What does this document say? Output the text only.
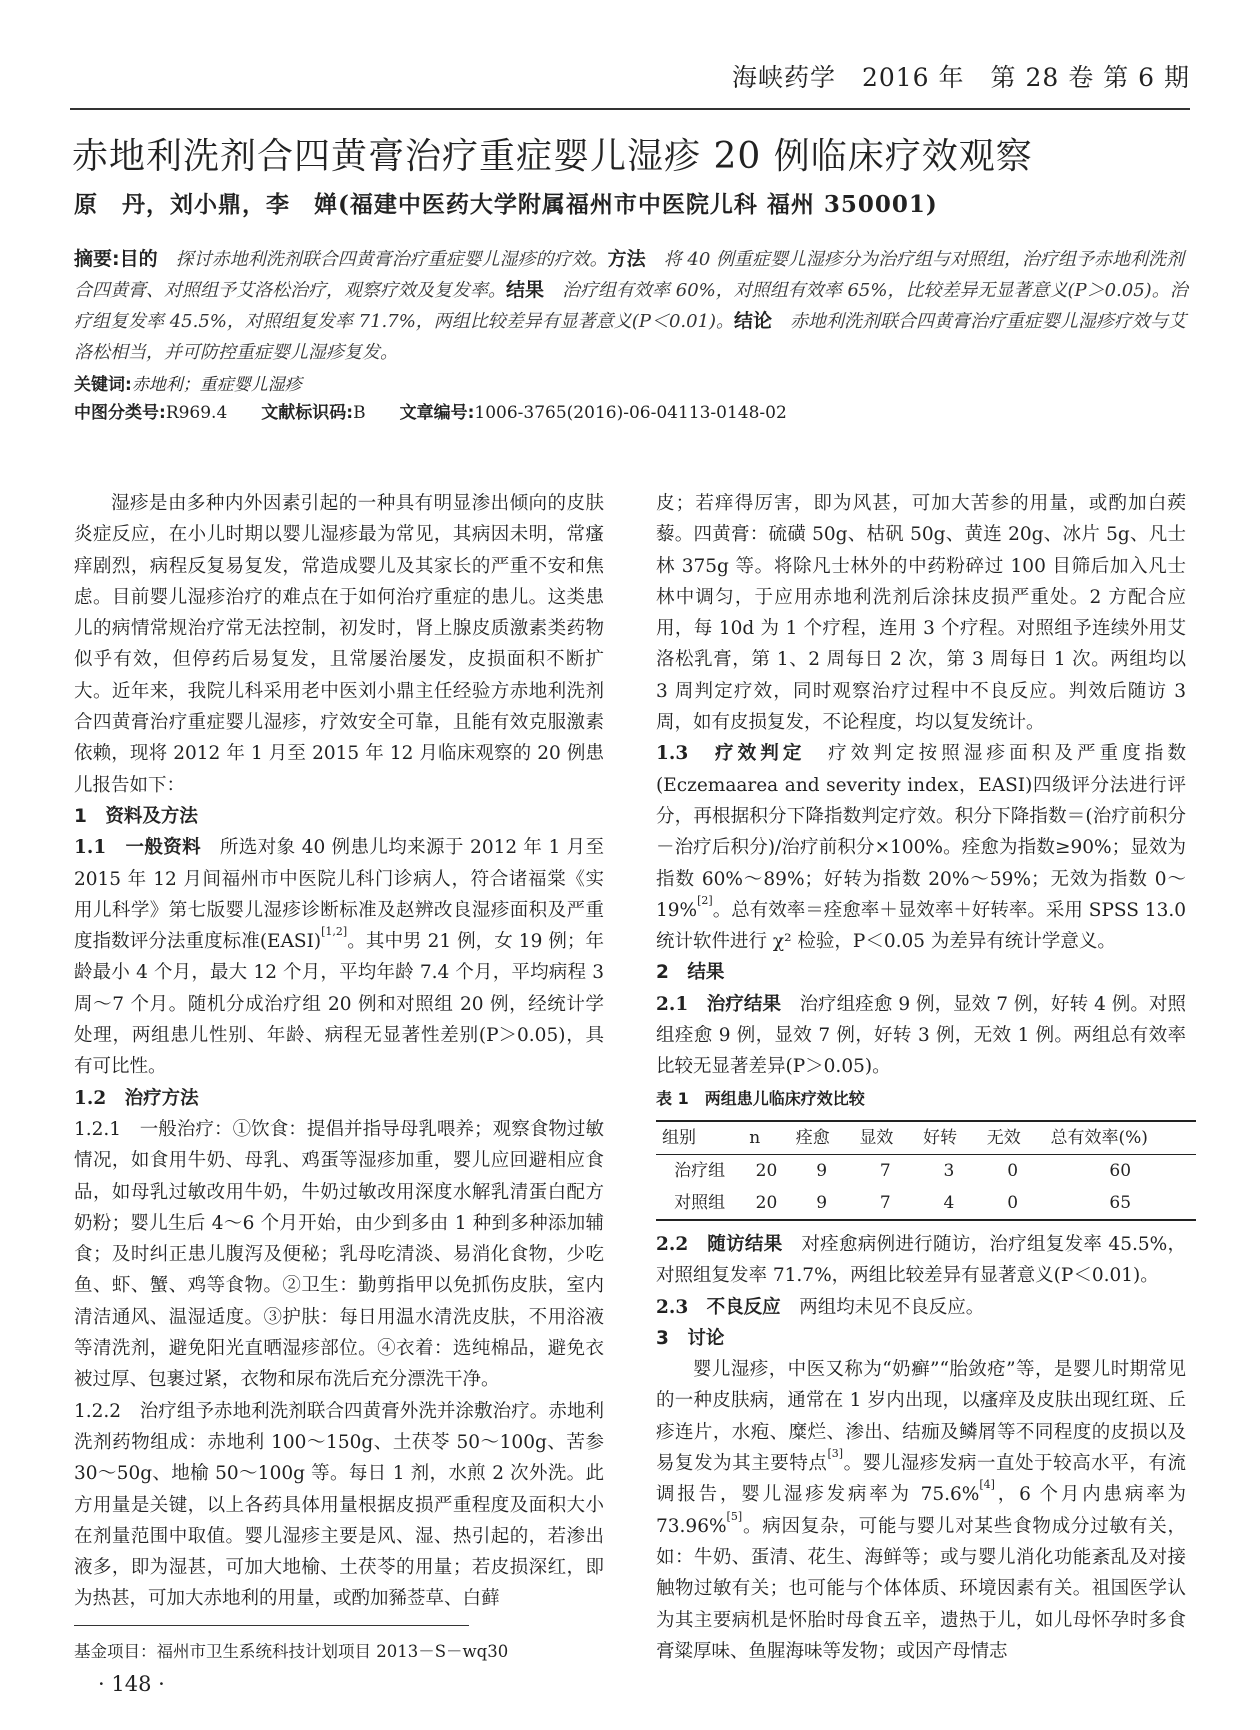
海峡药学　2016 年　第 28 卷 第 6 期
赤地利洗剂合四黄膏治疗重症婴儿湿疹 20 例临床疗效观察
原　丹，刘小鼎，李　婵(福建中医药大学附属福州市中医院儿科 福州 350001)
摘要:目的　 探讨赤地利洗剂联合四黄膏治疗重症婴儿湿疹的疗效。方法　 将 40 例重症婴儿湿疹分为治疗组与对照组，治疗组予赤地利洗剂合四黄膏、对照组予艾洛松治疗，观察疗效及复发率。结果　 治疗组有效率 60%，对照组有效率 65%，比较差异无显著意义(P＞0.05)。治疗组复发率 45.5%，对照组复发率 71.7%，两组比较差异有显著意义(P＜0.01)。结论　 赤地利洗剂联合四黄膏治疗重症婴儿湿疹疗效与艾洛松相当，并可防控重症婴儿湿疹复发。
关键词:赤地利；重症婴儿湿疹
中图分类号:R969.4　　 文献标识码:B　　 文章编号:1006-3765(2016)-06-04113-0148-02

湿疹是由多种内外因素引起的一种具有明显渗出倾向的皮肤炎症反应，在小儿时期以婴儿湿疹最为常见，其病因未明，常瘙痒剧烈，病程反复易复发，常造成婴儿及其家长的严重不安和焦虑。目前婴儿湿疹治疗的难点在于如何治疗重症的患儿。这类患儿的病情常规治疗常无法控制，初发时，肾上腺皮质激素类药物似乎有效，但停药后易复发，且常屡治屡发，皮损面积不断扩大。近年来，我院儿科采用老中医刘小鼎主任经验方赤地利洗剂合四黄膏治疗重症婴儿湿疹，疗效安全可靠，且能有效克服激素依赖，现将 2012 年 1 月至 2015 年 12 月临床观察的 20 例患儿报告如下：

1　资料及方法

1.1　一般资料　所选对象 40 例患儿均来源于 2012 年 1 月至 2015 年 12 月间福州市中医院儿科门诊病人，符合诸福棠《实用儿科学》第七版婴儿湿疹诊断标准及赵辨改良湿疹面积及严重度指数评分法重度标准(EASI)[1,2]。其中男 21 例，女 19 例；年龄最小 4 个月，最大 12 个月，平均年龄 7.4 个月，平均病程 3 周～7 个月。随机分成治疗组 20 例和对照组 20 例，经统计学处理，两组患儿性别、年龄、病程无显著性差别(P＞0.05)，具有可比性。

1.2　治疗方法

1.2.1　一般治疗：①饮食：提倡并指导母乳喂养；观察食物过敏情况，如食用牛奶、母乳、鸡蛋等湿疹加重，婴儿应回避相应食品，如母乳过敏改用牛奶，牛奶过敏改用深度水解乳清蛋白配方奶粉；婴儿生后 4～6 个月开始，由少到多由 1 种到多种添加辅食；及时纠正患儿腹泻及便秘；乳母吃清淡、易消化食物，少吃鱼、虾、蟹、鸡等食物。②卫生：勤剪指甲以免抓伤皮肤，室内清洁通风、温湿适度。③护肤：每日用温水清洗皮肤，不用浴液等清洗剂，避免阳光直晒湿疹部位。④衣着：选纯棉品，避免衣被过厚、包裹过紧，衣物和尿布洗后充分漂洗干净。

1.2.2　治疗组予赤地利洗剂联合四黄膏外洗并涂敷治疗。赤地利洗剂药物组成：赤地利 100～150g、土茯苓 50～100g、苦参 30～50g、地榆 50～100g 等。每日 1 剂，水煎 2 次外洗。此方用量是关键，以上各药具体用量根据皮损严重程度及面积大小在剂量范围中取值。婴儿湿疹主要是风、湿、热引起的，若渗出液多，即为湿甚，可加大地榆、土茯苓的用量；若皮损深红，即为热甚，可加大赤地利的用量，或酌加豨莶草、白藓

皮；若痒得厉害，即为风甚，可加大苦参的用量，或酌加白蒺藜。四黄膏：硫磺 50g、枯矾 50g、黄连 20g、冰片 5g、凡士林 375g 等。将除凡士林外的中药粉碎过 100 目筛后加入凡士林中调匀，于应用赤地利洗剂后涂抹皮损严重处。2 方配合应用，每 10d 为 1 个疗程，连用 3 个疗程。对照组予连续外用艾洛松乳膏，第 1、2 周每日 2 次，第 3 周每日 1 次。两组均以 3 周判定疗效，同时观察治疗过程中不良反应。判效后随访 3 周，如有皮损复发，不论程度，均以复发统计。

1.3　疗效判定　疗效判定按照湿疹面积及严重度指数(Eczemaarea and severity index，EASI)四级评分法进行评分，再根据积分下降指数判定疗效。积分下降指数＝(治疗前积分－治疗后积分)/治疗前积分×100%。痊愈为指数≥90%；显效为指数 60%～89%；好转为指数 20%～59%；无效为指数 0～19%[2]。总有效率＝痊愈率＋显效率＋好转率。采用 SPSS 13.0 统计软件进行 χ² 检验，P＜0.05 为差异有统计学意义。

2　结果

2.1　治疗结果　治疗组痊愈 9 例，显效 7 例，好转 4 例。对照组痊愈 9 例，显效 7 例，好转 3 例，无效 1 例。两组总有效率比较无显著差异(P＞0.05)。

表 1　两组患儿临床疗效比较

组别	n	痊愈	显效	好转	无效	总有效率(%)
治疗组	20	9	7	3	0	60
对照组	20	9	7	4	0	65

2.2　随访结果　对痊愈病例进行随访，治疗组复发率 45.5%，对照组复发率 71.7%，两组比较差异有显著意义(P＜0.01)。

2.3　不良反应　两组均未见不良反应。

3　讨论

婴儿湿疹，中医又称为“奶癣”“胎敛疮”等，是婴儿时期常见的一种皮肤病，通常在 1 岁内出现，以瘙痒及皮肤出现红斑、丘疹连片，水疱、糜烂、渗出、结痂及鳞屑等不同程度的皮损以及易复发为其主要特点[3]。婴儿湿疹发病一直处于较高水平，有流调报告，婴儿湿疹发病率为 75.6%[4]，6 个月内患病率为 73.96%[5]。病因复杂，可能与婴儿对某些食物成分过敏有关，如：牛奶、蛋清、花生、海鲜等；或与婴儿消化功能紊乱及对接触物过敏有关；也可能与个体体质、环境因素有关。祖国医学认为其主要病机是怀胎时母食五辛，遗热于儿，如儿母怀孕时多食膏粱厚味、鱼腥海味等发物；或因产母情志

基金项目：福州市卫生系统科技计划项目 2013－S－wq30
· 148 ·
